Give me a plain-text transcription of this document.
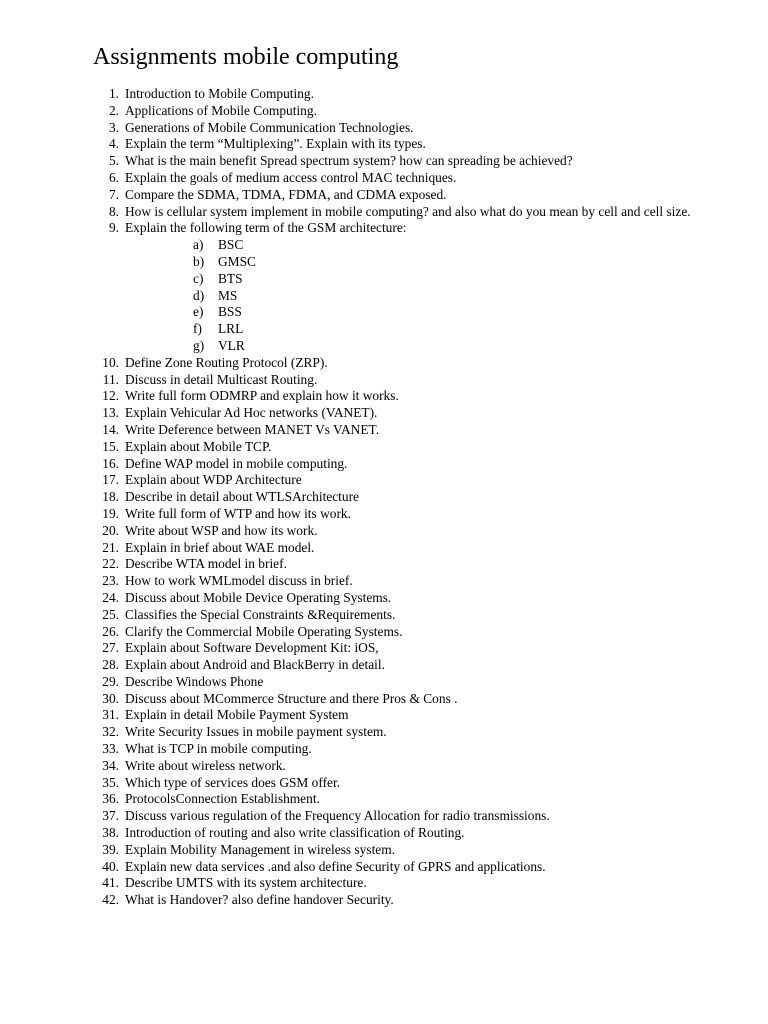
Assignments mobile computing
1. Introduction to Mobile Computing.
2. Applications of Mobile Computing.
3. Generations of Mobile Communication Technologies.
4. Explain the term “Multiplexing”. Explain with its types.
5. What is the main benefit Spread spectrum system? how can spreading be achieved?
6. Explain the goals of medium access control MAC techniques.
7. Compare the SDMA, TDMA, FDMA, and CDMA exposed.
8. How is cellular system implement in mobile computing? and also what do you mean by cell and cell size.
9. Explain the following term of the GSM architecture:
a)	BSC
b)	GMSC
c)	BTS
d)	MS
e)	BSS
f)	LRL
g)	VLR
10. Define Zone Routing Protocol (ZRP).
11. Discuss in detail Multicast Routing.
12. Write full form ODMRP and explain how it works.
13. Explain Vehicular Ad Hoc networks (VANET).
14. Write Deference between MANET Vs VANET.
15. Explain about Mobile TCP.
16. Define WAP model in mobile computing.
17. Explain about WDP Architecture
18. Describe in detail about WTLSArchitecture
19. Write full form of WTP and how its work.
20. Write about WSP and how its work.
21. Explain in brief about WAE model.
22. Describe WTA model in brief.
23. How to work WMLmodel discuss in brief.
24. Discuss about Mobile Device Operating Systems.
25. Classifies the Special Constraints &Requirements.
26. Clarify the Commercial Mobile Operating Systems.
27. Explain about Software Development Kit: iOS,
28. Explain about Android and BlackBerry in detail.
29. Describe Windows Phone
30. Discuss about MCommerce Structure and there Pros & Cons .
31. Explain in detail Mobile Payment System
32. Write Security Issues in mobile payment system.
33. What is TCP in mobile computing.
34. Write about wireless network.
35. Which type of services does GSM offer.
36. ProtocolsConnection Establishment.
37. Discuss various regulation of the Frequency Allocation for radio transmissions.
38. Introduction of routing and also write classification of Routing.
39. Explain Mobility Management in wireless system.
40. Explain new data services .and also define Security of GPRS and applications.
41. Describe UMTS with its system architecture.
42. What is Handover? also define handover Security.
